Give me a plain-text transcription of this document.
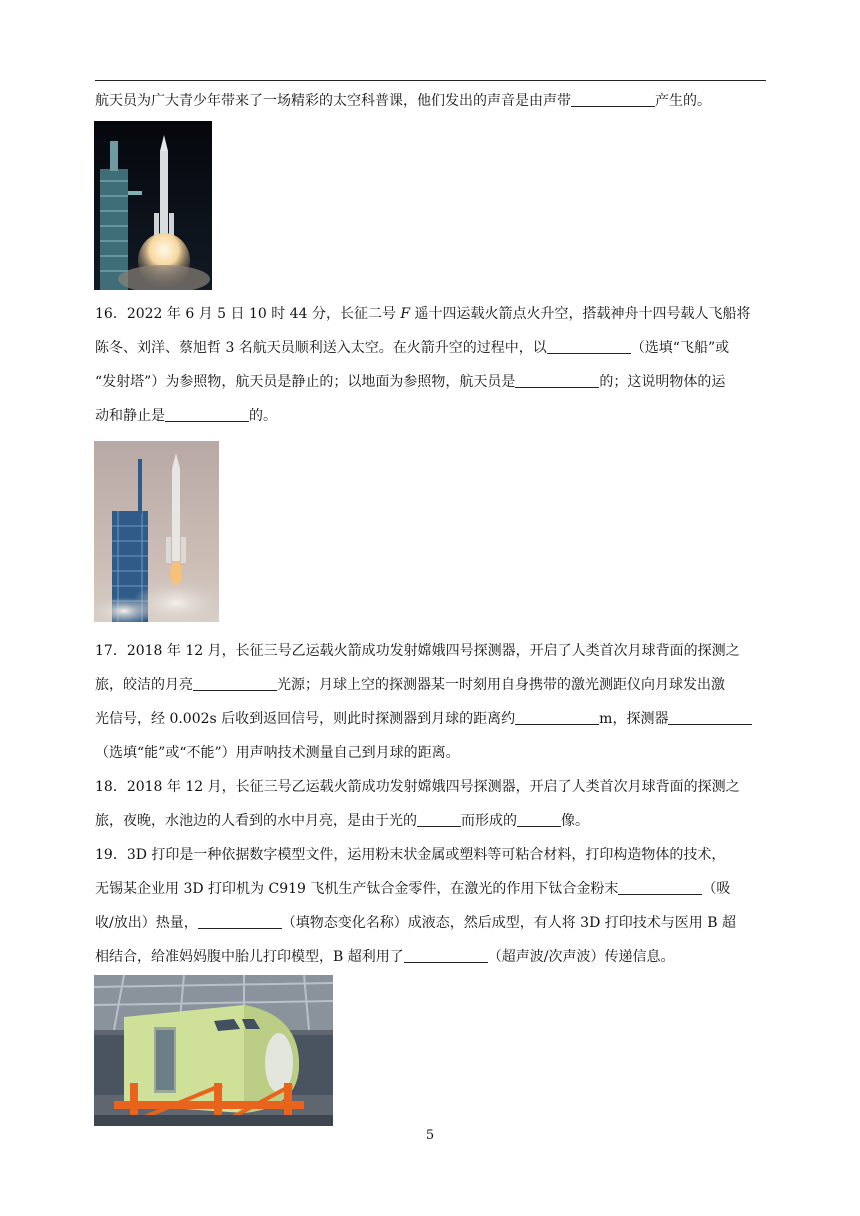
航天员为广大青少年带来了一场精彩的太空科普课，他们发出的声音是由声带	产生的。

16．2022 年 6 月 5 日 10 时 44 分，长征二号 F 遥十四运载火箭点火升空，搭载神舟十四号载人飞船将
陈冬、刘洋、蔡旭哲 3 名航天员顺利送入太空。在火箭升空的过程中，以	（选填“飞船”或
“发射塔”）为参照物，航天员是静止的；以地面为参照物，航天员是	的；这说明物体的运
动和静止是	的。

17．2018 年 12 月，长征三号乙运载火箭成功发射嫦娥四号探测器，开启了人类首次月球背面的探测之
旅，皎洁的月亮	光源；月球上空的探测器某一时刻用自身携带的激光测距仪向月球发出激
光信号，经 0.002s 后收到返回信号，则此时探测器到月球的距离约	m，探测器
（选填“能”或“不能”）用声呐技术测量自己到月球的距离。

18．2018 年 12 月，长征三号乙运载火箭成功发射嫦娥四号探测器，开启了人类首次月球背面的探测之
旅，夜晚，水池边的人看到的水中月亮，是由于光的	而形成的	像。

19．3D 打印是一种依据数字模型文件，运用粉末状金属或塑料等可粘合材料，打印构造物体的技术，
无锡某企业用 3D 打印机为 C919 飞机生产钛合金零件，在激光的作用下钛合金粉末	（吸
收/放出）热量，	（填物态变化名称）成液态，然后成型，有人将 3D 打印技术与医用 B 超
相结合，给准妈妈腹中胎儿打印模型，B 超利用了	（超声波/次声波）传递信息。

5
